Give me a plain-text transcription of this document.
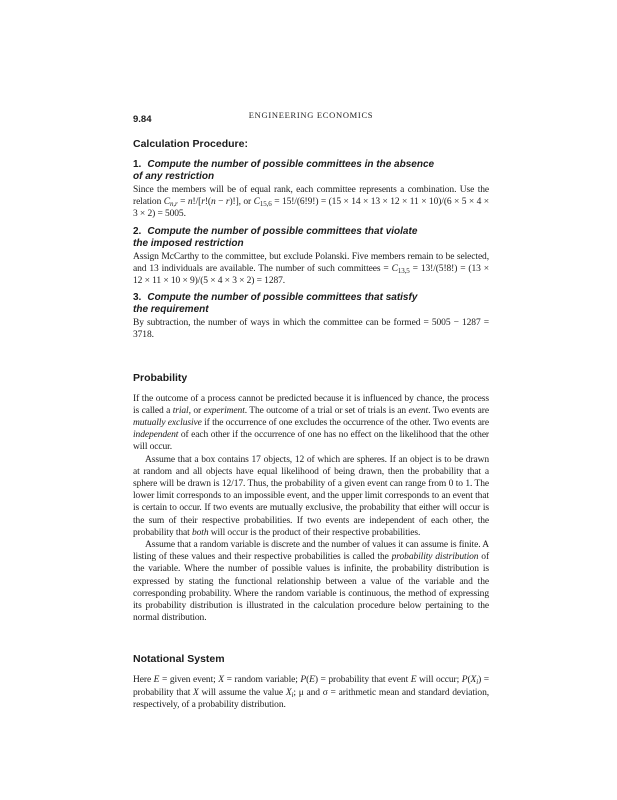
9.84	ENGINEERING ECONOMICS
Calculation Procedure:

1. Compute the number of possible committees in the absence

of any restriction

Since the members will be of equal rank, each committee represents a combination. Use the relation $C_{n,r} = n!/[r!(n - r)!]$, or $C_{15,6} = 15!/(6!9!) = (15 \times 14 \times 13 \times 12 \times 11 \times 10)/(6 \times 5 \times 4 \times 3 \times 2) = 5005$.

2. Compute the number of possible committees that violate

the imposed restriction

Assign McCarthy to the committee, but exclude Polanski. Five members remain to be selected, and 13 individuals are available. The number of such committees = $C_{13,5} = 13!/(5!8!) = (13 \times 12 \times 11 \times 10 \times 9)/(5 \times 4 \times 3 \times 2) = 1287$.

3. Compute the number of possible committees that satisfy

the requirement

By subtraction, the number of ways in which the committee can be formed = 5005 − 1287 = 3718.

Probability

If the outcome of a process cannot be predicted because it is influenced by chance, the process is called a trial, or experiment. The outcome of a trial or set of trials is an event. Two events are mutually exclusive if the occurrence of one excludes the occurrence of the other. Two events are independent of each other if the occurrence of one has no effect on the likelihood that the other will occur.

Assume that a box contains 17 objects, 12 of which are spheres. If an object is to be drawn at random and all objects have equal likelihood of being drawn, then the probability that a sphere will be drawn is 12/17. Thus, the probability of a given event can range from 0 to 1. The lower limit corresponds to an impossible event, and the upper limit corresponds to an event that is certain to occur. If two events are mutually exclusive, the probability that either will occur is the sum of their respective probabilities. If two events are independent of each other, the probability that both will occur is the product of their respective probabilities.

Assume that a random variable is discrete and the number of values it can assume is finite. A listing of these values and their respective probabilities is called the probability distribution of the variable. Where the number of possible values is infinite, the probability distribution is expressed by stating the functional relationship between a value of the variable and the corresponding probability. Where the random variable is continuous, the method of expressing its probability distribution is illustrated in the calculation procedure below pertaining to the normal distribution.

Notational System

Here E = given event; X = random variable; P(E) = probability that event E will occur; $P(X_i)$ = probability that X will assume the value $X_i$; μ and σ = arithmetic mean and standard deviation, respectively, of a probability distribution.
